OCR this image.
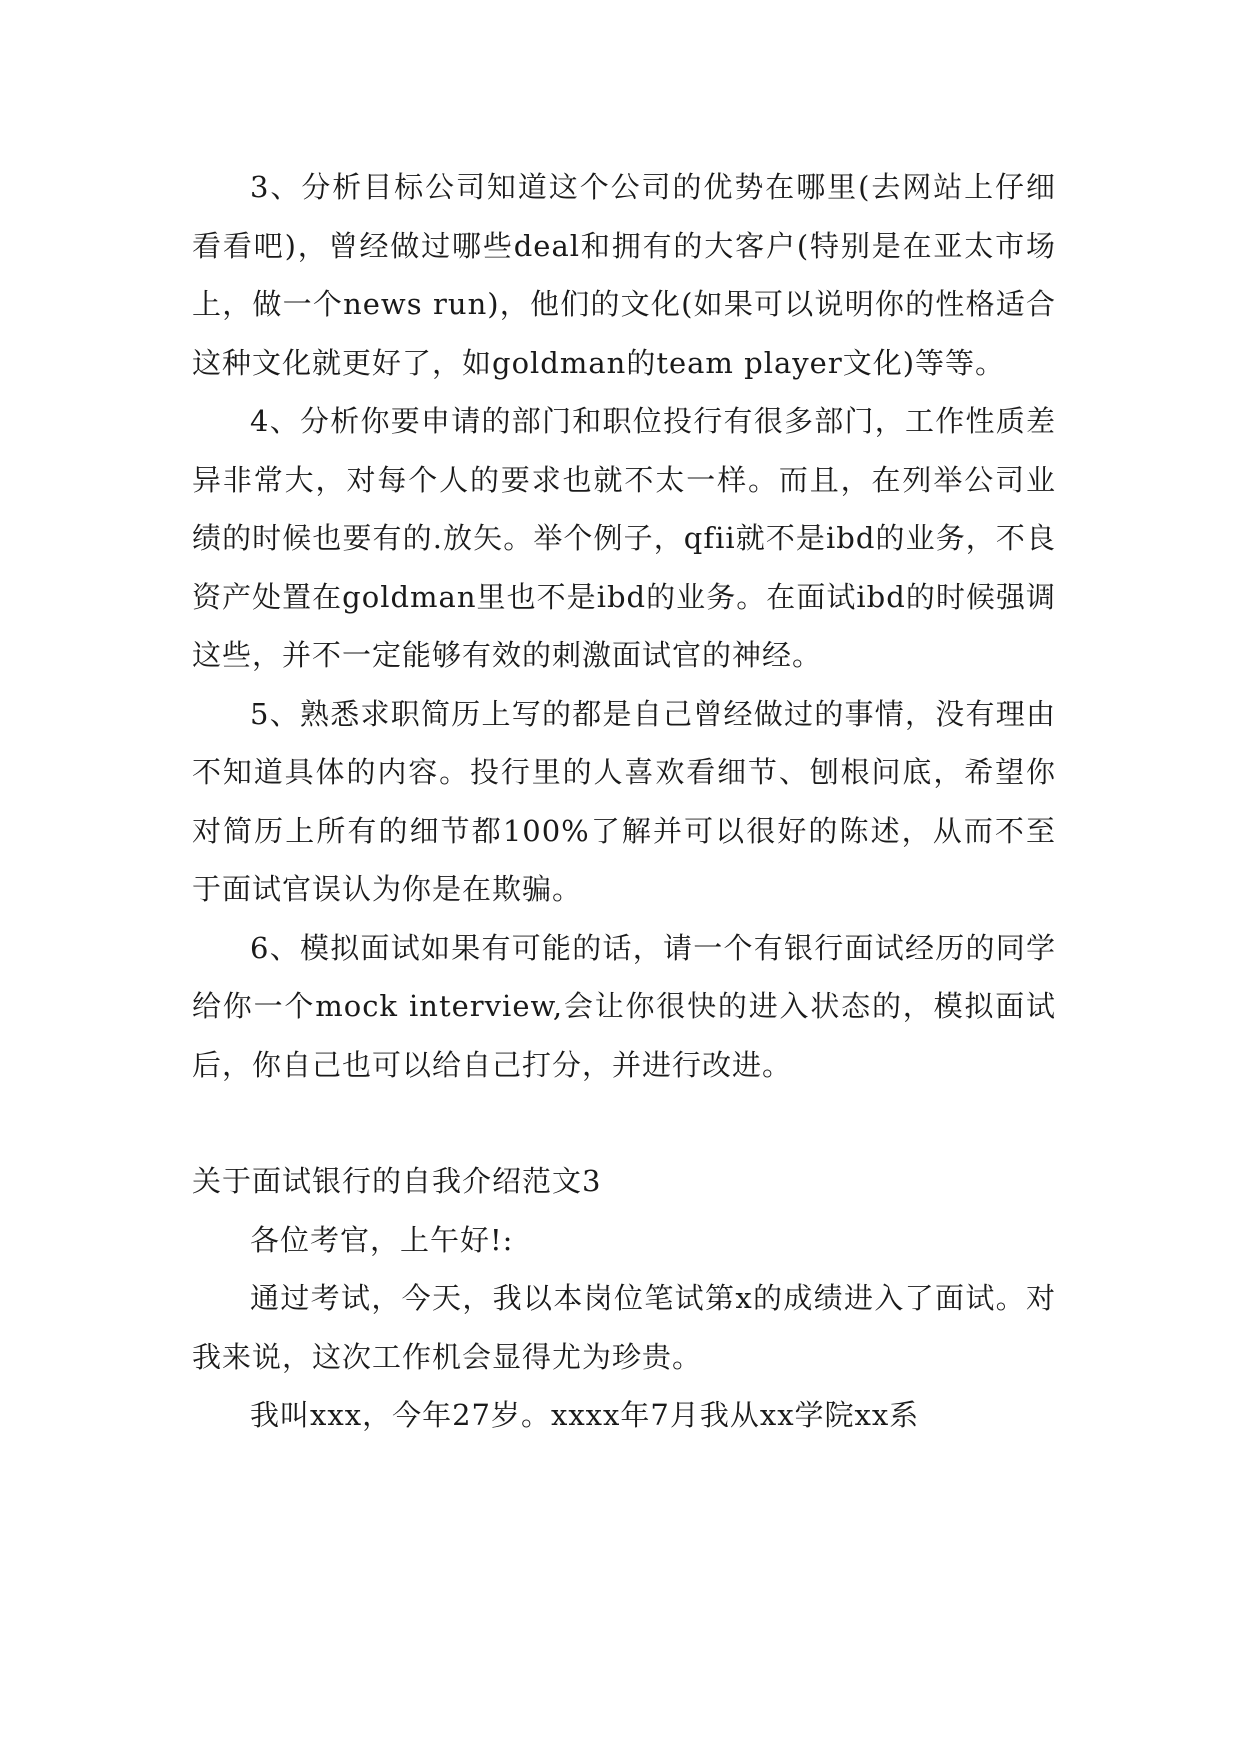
3、分析目标公司知道这个公司的优势在哪里(去网站上仔细看看吧)，曾经做过哪些deal和拥有的大客户(特别是在亚太市场上，做一个news run)，他们的文化(如果可以说明你的性格适合这种文化就更好了，如goldman的team player文化)等等。

4、分析你要申请的部门和职位投行有很多部门，工作性质差异非常大，对每个人的要求也就不太一样。而且，在列举公司业绩的时候也要有的.放矢。举个例子，qfii就不是ibd的业务，不良资产处置在goldman里也不是ibd的业务。在面试ibd的时候强调这些，并不一定能够有效的刺激面试官的神经。

5、熟悉求职简历上写的都是自己曾经做过的事情，没有理由不知道具体的内容。投行里的人喜欢看细节、刨根问底，希望你对简历上所有的细节都100%了解并可以很好的陈述，从而不至于面试官误认为你是在欺骗。

6、模拟面试如果有可能的话，请一个有银行面试经历的同学给你一个mock interview,会让你很快的进入状态的，模拟面试后，你自己也可以给自己打分，并进行改进。

关于面试银行的自我介绍范文3

各位考官，上午好!:

通过考试，今天，我以本岗位笔试第x的成绩进入了面试。对我来说，这次工作机会显得尤为珍贵。

我叫xxx，今年27岁。xxxx年7月我从xx学院xx系
